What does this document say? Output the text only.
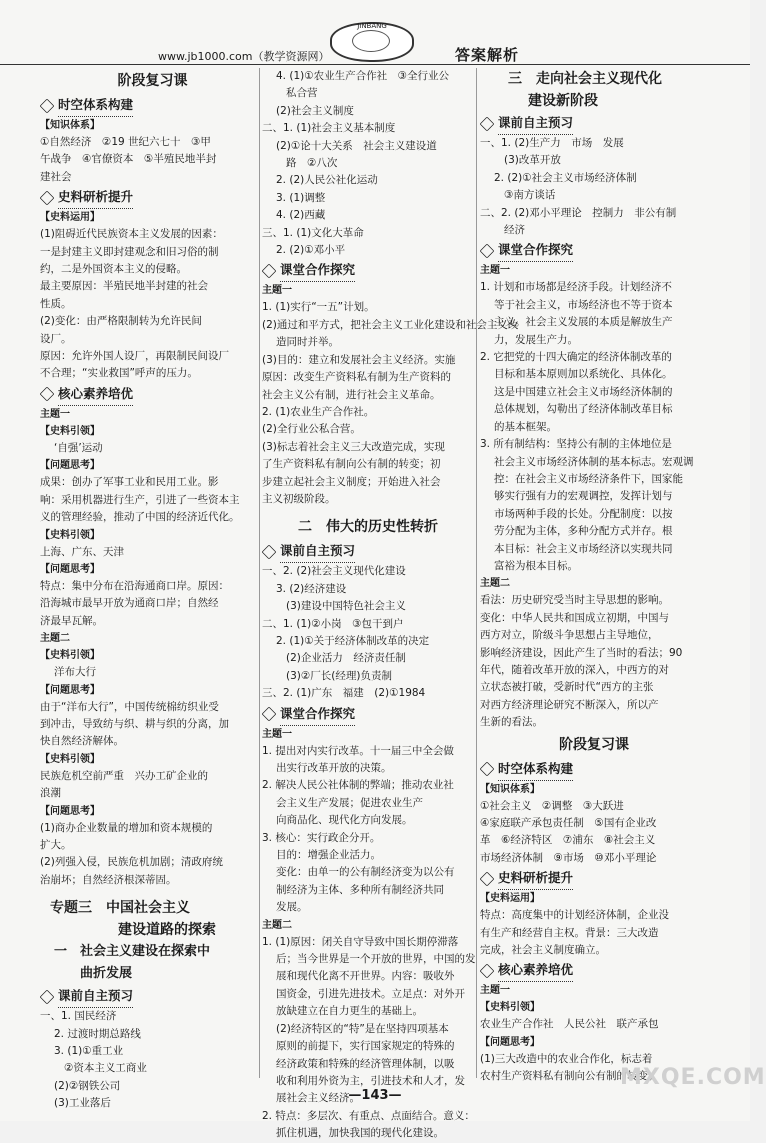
www.jb1000.com（教学资源网）
JINBANG
答案解析
阶段复习课
时空体系构建
【知识体系】
①自然经济　②19 世纪六七十　③甲
午战争　④官僚资本　⑤半殖民地半封
建社会
史料研析提升
【史料运用】
(1)阻碍近代民族资本主义发展的因素：
一是封建主义即封建观念和旧习俗的制
约，二是外国资本主义的侵略。
最主要原因：半殖民地半封建的社会
性质。
(2)变化：由严格限制转为允许民间
设厂。
原因：允许外国人设厂，再限制民间设厂
不合理；“实业救国”呼声的压力。
核心素养培优
主题一
【史料引领】
‘自强’运动
【问题思考】
成果：创办了军事工业和民用工业。影
响：采用机器进行生产，引进了一些资本主
义的管理经验，推动了中国的经济近代化。
【史料引领】
上海、广东、天津
【问题思考】
特点：集中分布在沿海通商口岸。原因：
沿海城市最早开放为通商口岸；自然经
济最早瓦解。
主题二
【史料引领】
洋布大行
【问题思考】
由于“洋布大行”，中国传统棉纺织业受
到冲击，导致纺与织、耕与织的分离，加
快自然经济解体。
【史料引领】
民族危机空前严重　兴办工矿企业的
浪潮
【问题思考】
(1)商办企业数量的增加和资本规模的
扩大。
(2)列强入侵，民族危机加剧；清政府统
治崩坏；自然经济根深蒂固。
专题三　中国社会主义
建设道路的探索
一　社会主义建设在探索中
曲折发展
课前自主预习
一、1. 国民经济
2. 过渡时期总路线
3. (1)①重工业
②资本主义工商业
(2)②钢铁公司
(3)工业落后
4. (1)①农业生产合作社　③全行业公
私合营
(2)社会主义制度
二、1. (1)社会主义基本制度
(2)①论十大关系　社会主义建设道
路　②八次
2. (2)人民公社化运动
3. (1)调整
4. (2)西藏
三、1. (1)文化大革命
2. (2)①邓小平
课堂合作探究
主题一
1. (1)实行“一五”计划。
(2)通过和平方式，把社会主义工业化建设和社会主义改
造同时并举。
(3)目的：建立和发展社会主义经济。实施
原因：改变生产资料私有制为生产资料的
社会主义公有制，进行社会主义革命。
2. (1)农业生产合作社。
(2)全行业公私合营。
(3)标志着社会主义三大改造完成，实现
了生产资料私有制向公有制的转变；初
步建立起社会主义制度；开始进入社会
主义初级阶段。
二　伟大的历史性转折
课前自主预习
一、2. (2)社会主义现代化建设
3. (2)经济建设
(3)建设中国特色社会主义
二、1. (1)②小岗　③包干到户
2. (1)①关于经济体制改革的决定
(2)企业活力　经济责任制
(3)②厂长(经理)负责制
三、2. (1)广东　福建　(2)①1984
课堂合作探究
主题一
1. 提出对内实行改革。十一届三中全会做
出实行改革开放的决策。
2. 解决人民公社体制的弊端；推动农业社
会主义生产发展；促进农业生产
向商品化、现代化方向发展。
3. 核心：实行政企分开。
目的：增强企业活力。
变化：由单一的公有制经济变为以公有
制经济为主体、多种所有制经济共同
发展。
主题二
1. (1)原因：闭关自守导致中国长期停滞落
后；当今世界是一个开放的世界，中国的发
展和现代化离不开世界。内容：吸收外
国资金，引进先进技术。立足点：对外开
放缺建立在自力更生的基础上。
(2)经济特区的“特”是在坚持四项基本
原则的前提下，实行国家规定的特殊的
经济政策和特殊的经济管理体制，以吸
收和利用外资为主，引进技术和人才，发
展社会主义经济。
2. 特点：多层次、有重点、点面结合。意义：
抓住机遇，加快我国的现代化建设。
三　走向社会主义现代化
建设新阶段
课前自主预习
一、1. (2)生产力　市场　发展
(3)改革开放
2. (2)①社会主义市场经济体制
③南方谈话
二、2. (2)邓小平理论　控制力　非公有制
经济
课堂合作探究
主题一
1. 计划和市场都是经济手段。计划经济不
等于社会主义，市场经济也不等于资本
主义。社会主义发展的本质是解放生产
力，发展生产力。
2. 它把党的十四大确定的经济体制改革的
目标和基本原则加以系统化、具体化。
这是中国建立社会主义市场经济体制的
总体规划，勾勒出了经济体制改革目标
的基本框架。
3. 所有制结构：坚持公有制的主体地位是
社会主义市场经济体制的基本标志。宏观调
控：在社会主义市场经济条件下，国家能
够实行强有力的宏观调控，发挥计划与
市场两种手段的长处。分配制度：以按
劳分配为主体，多种分配方式并存。根
本目标：社会主义市场经济以实现共同
富裕为根本目标。
主题二
看法：历史研究受当时主导思想的影响。
变化：中华人民共和国成立初期，中国与
西方对立，阶级斗争思想占主导地位，
影响经济建设，因此产生了当时的看法；90
年代，随着改革开放的深入，中西方的对
立状态被打破，受新时代“西方的主张
对西方经济理论研究不断深入，所以产
生新的看法。
阶段复习课
时空体系构建
【知识体系】
①社会主义　②调整　③大跃进
④家庭联产承包责任制　⑤国有企业改
革　⑥经济特区　⑦浦东　⑧社会主义
市场经济体制　⑨市场　⑩邓小平理论
史料研析提升
【史料运用】
特点：高度集中的计划经济体制，企业没
有生产和经营自主权。背景：三大改造
完成，社会主义制度确立。
核心素养培优
主题一
【史料引领】
农业生产合作社　人民公社　联产承包
【问题思考】
(1)三大改造中的农业合作化，标志着
农村生产资料私有制向公有制的转变。
—143—
MXQE.COM
